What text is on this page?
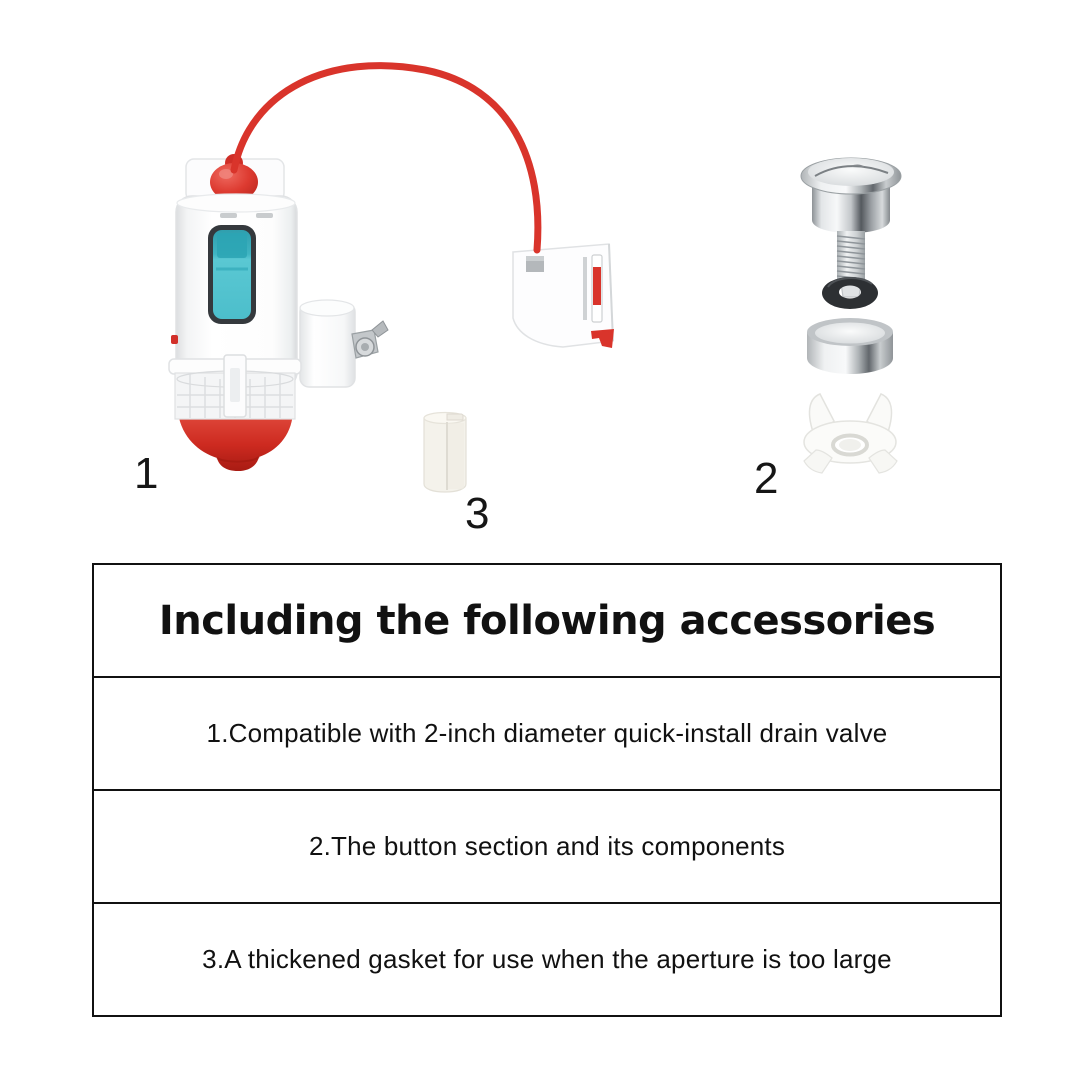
1	2
3
Including the following accessories
1.Compatible with 2-inch diameter quick-install drain valve
2.The button section and its components
3.A thickened gasket for use when the aperture is too large
